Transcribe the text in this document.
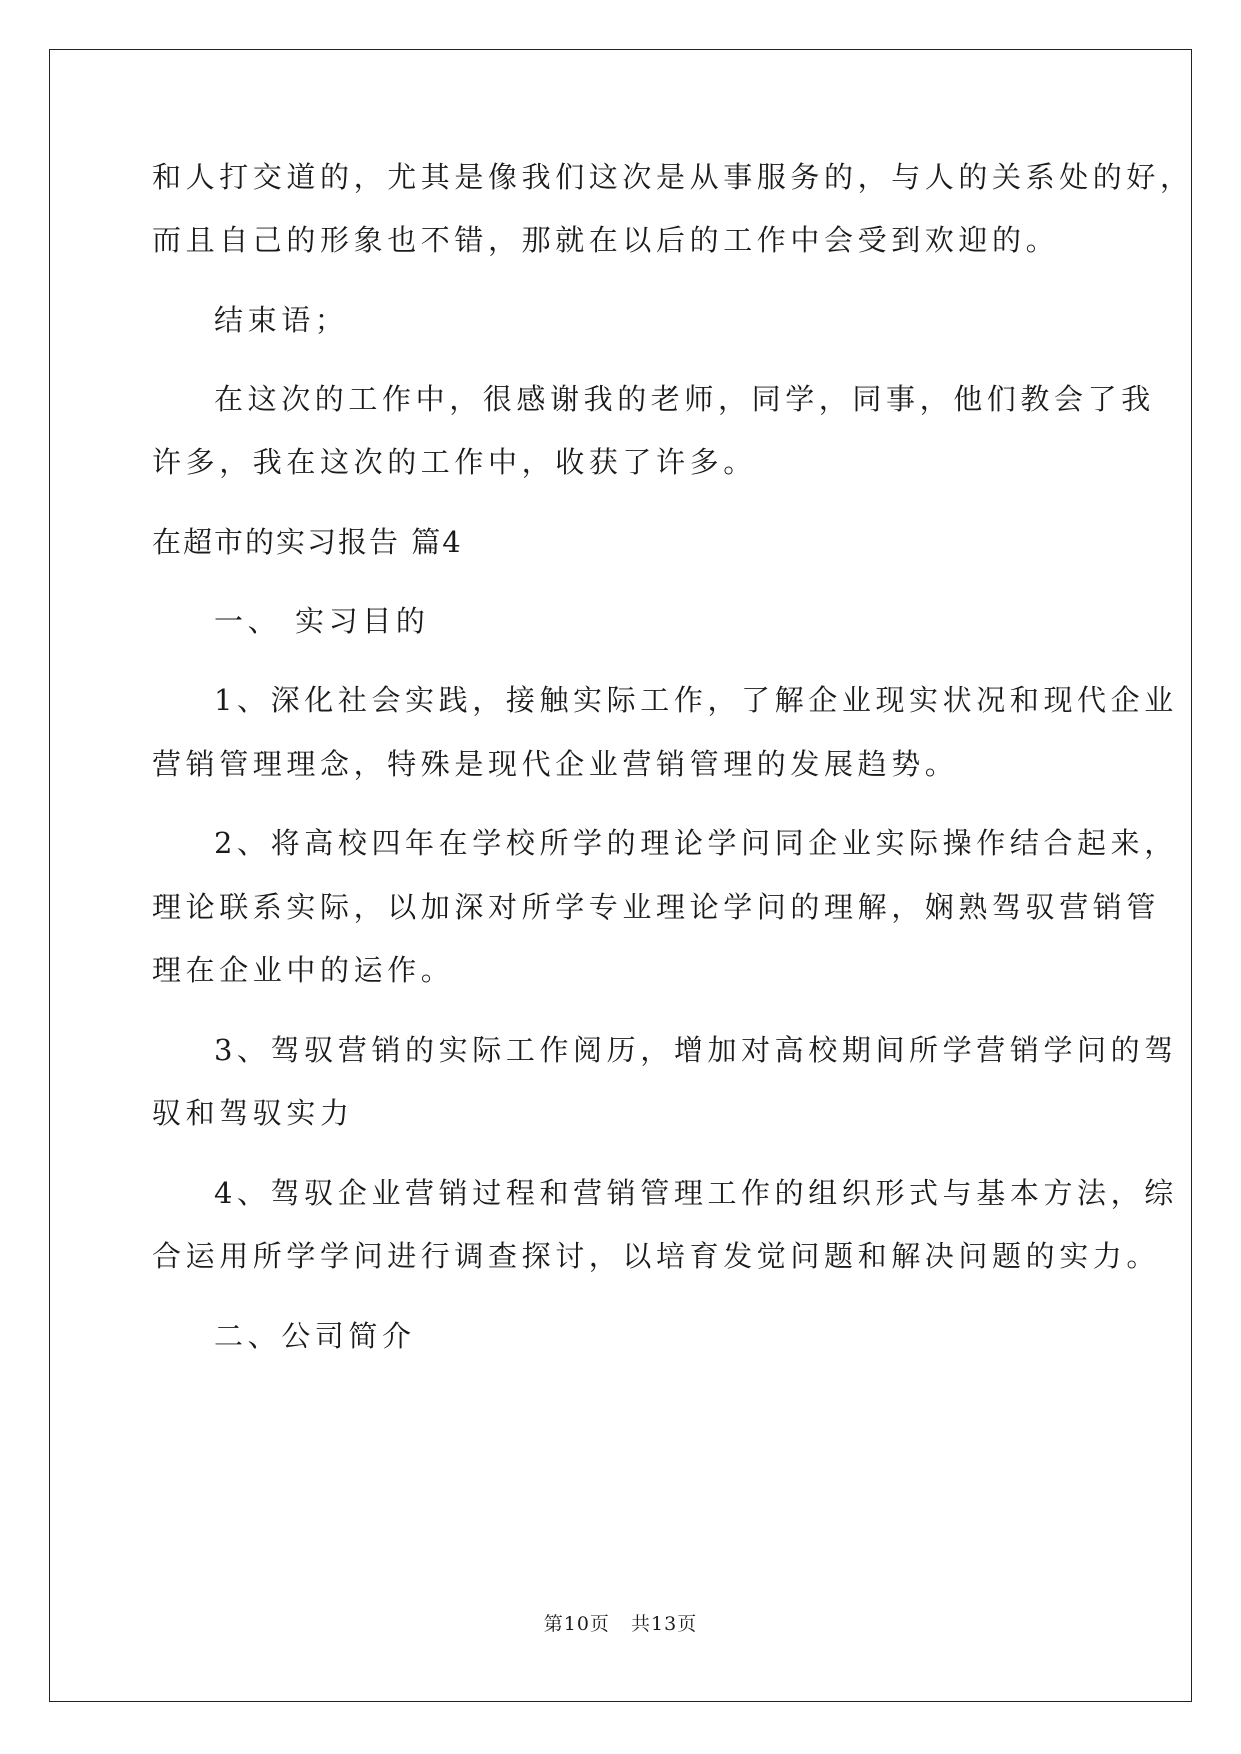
和人打交道的，尤其是像我们这次是从事服务的，与人的关系处的好，
而且自己的形象也不错，那就在以后的工作中会受到欢迎的。
结束语；
在这次的工作中，很感谢我的老师，同学，同事，他们教会了我
许多，我在这次的工作中，收获了许多。
在超市的实习报告 篇4
一、 实习目的
1、深化社会实践，接触实际工作，了解企业现实状况和现代企业
营销管理理念，特殊是现代企业营销管理的发展趋势。
2、将高校四年在学校所学的理论学问同企业实际操作结合起来，
理论联系实际，以加深对所学专业理论学问的理解，娴熟驾驭营销管
理在企业中的运作。
3、驾驭营销的实际工作阅历，增加对高校期间所学营销学问的驾
驭和驾驭实力
4、驾驭企业营销过程和营销管理工作的组织形式与基本方法，综
合运用所学学问进行调查探讨，以培育发觉问题和解决问题的实力。
二、公司简介
第10页   共13页
